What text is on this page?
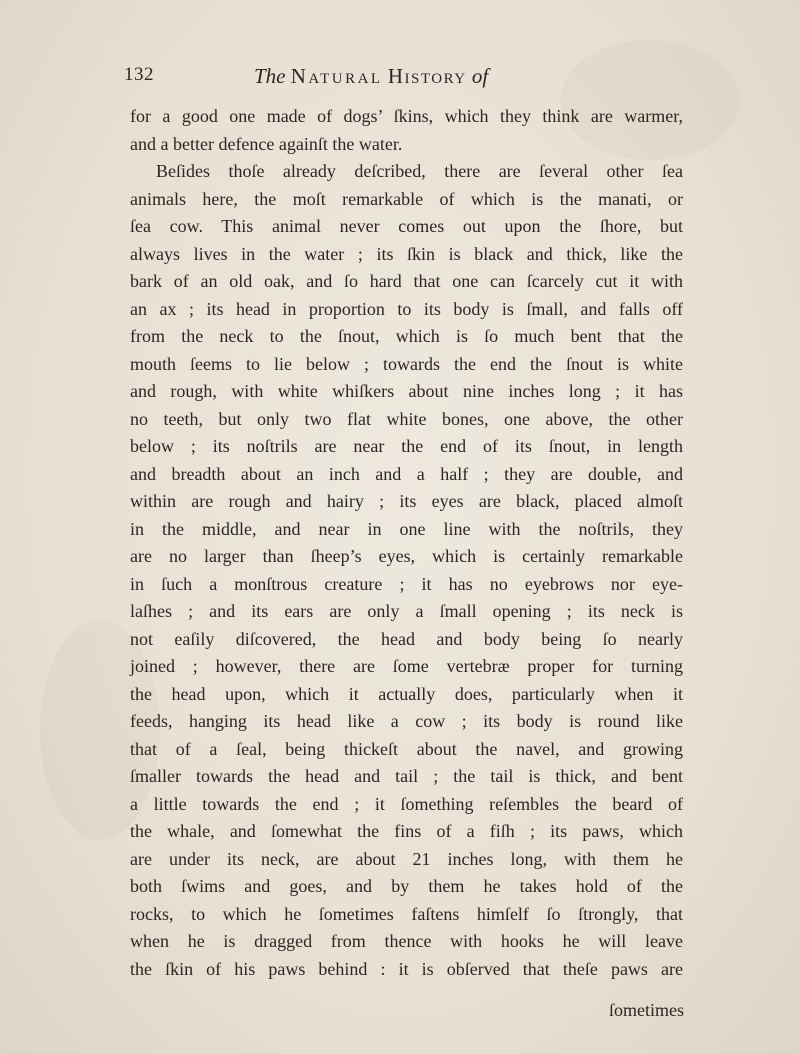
132	The Natural History of
for a good one made of dogs’ ſkins, which they think are warmer,
and a better defence againſt the water.
Beſides thoſe already deſcribed, there are ſeveral other ſea
animals here, the moſt remarkable of which is the manati, or
ſea cow. This animal never comes out upon the ſhore, but
always lives in the water ; its ſkin is black and thick, like the
bark of an old oak, and ſo hard that one can ſcarcely cut it with
an ax ; its head in proportion to its body is ſmall, and falls off
from the neck to the ſnout, which is ſo much bent that the
mouth ſeems to lie below ; towards the end the ſnout is white
and rough, with white whiſkers about nine inches long ; it has
no teeth, but only two flat white bones, one above, the other
below ; its noſtrils are near the end of its ſnout, in length
and breadth about an inch and a half ; they are double, and
within are rough and hairy ; its eyes are black, placed almoſt
in the middle, and near in one line with the noſtrils, they
are no larger than ſheep’s eyes, which is certainly remarkable
in ſuch a monſtrous creature ; it has no eyebrows nor eye-
laſhes ; and its ears are only a ſmall opening ; its neck is
not eaſily diſcovered, the head and body being ſo nearly
joined ; however, there are ſome vertebræ proper for turning
the head upon, which it actually does, particularly when it
feeds, hanging its head like a cow ; its body is round like
that of a ſeal, being thickeſt about the navel, and growing
ſmaller towards the head and tail ; the tail is thick, and bent
a little towards the end ; it ſomething reſembles the beard of
the whale, and ſomewhat the fins of a fiſh ; its paws, which
are under its neck, are about 21 inches long, with them he
both ſwims and goes, and by them he takes hold of the
rocks, to which he ſometimes faſtens himſelf ſo ſtrongly, that
when he is dragged from thence with hooks he will leave
the ſkin of his paws behind : it is obſerved that theſe paws are
ſometimes
